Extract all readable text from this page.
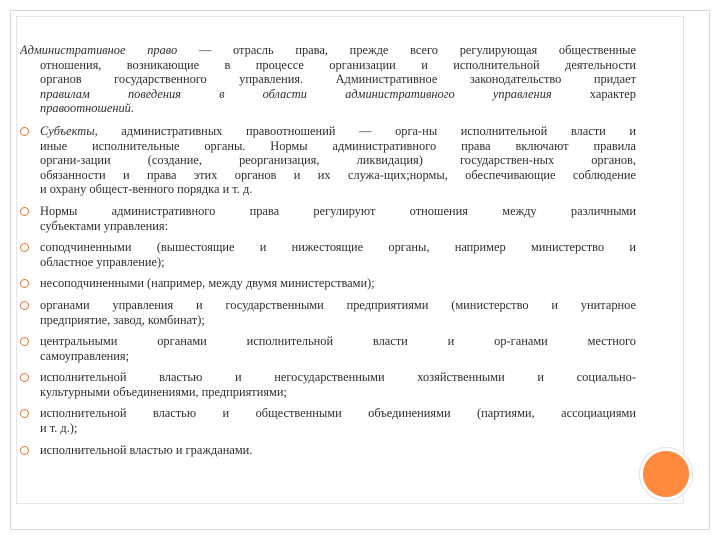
Административное право — отрасль права, прежде всего регулирующая общественные
отношения, возникающие в процессе организации и исполнительной деятельности
органов государственного управления. Административное законодательство придает
правилам поведения в области административного управления характер
правоотношений.
Субъекты, административных правоотношений — орга-ны исполнительной власти и
иные исполнительные органы. Нормы административного права включают правила
органи-зации (создание, реорганизация, ликвидация) государствен-ных органов,
обязанности и права этих органов и их служа-щих;нормы, обеспечивающие соблюдение
и охрану общест-венного порядка и т. д.
Нормы административного права регулируют отношения между различными
субъектами управления:
соподчиненными (вышестоящие и нижестоящие органы, например министерство и
областное управление);
несоподчиненными (например, между двумя министерствами);
органами управления и государственными предприятиями (министерство и унитарное
предприятие, завод, комбинат);
центральными органами исполнительной власти и ор-ганами местного
самоуправления;
исполнительной властью и негосударственными хозяйственными и социально-
культурными объединениями, предприятиями;
исполнительной властью и общественными объединениями (партиями, ассоциациями
и т. д.);
исполнительной властью и гражданами.
